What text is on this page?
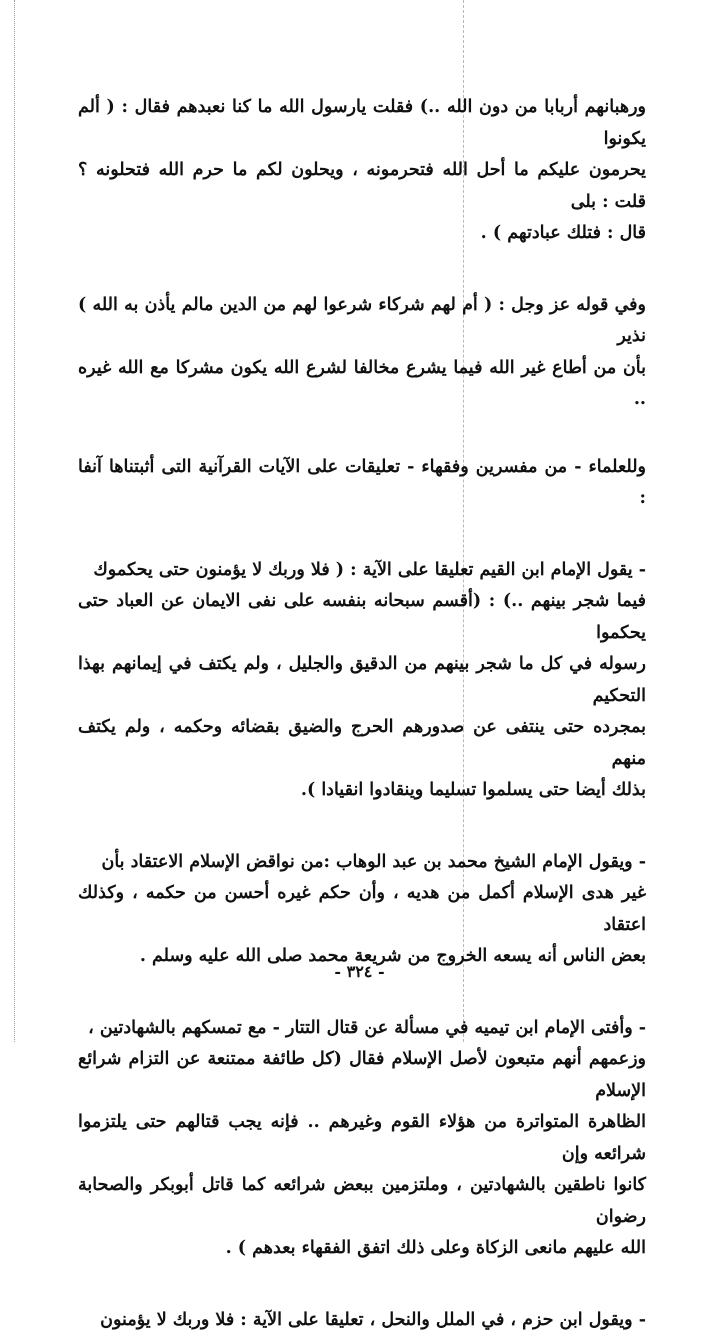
ورهبانهم أربابا من دون الله ..) فقلت يارسول الله ما كنا نعبدهم فقال : ( ألم يكونوا
يحرمون عليكم ما أحل الله فتحرمونه ، ويحلون لكم ما حرم الله فتحلونه ؟ قلت : بلى
قال : فتلك عبادتهم ) .

وفي قوله عز وجل : ( أم لهم شركاء شرعوا لهم من الدين مالم يأذن به الله ) نذير
بأن من أطاع غير الله فيما يشرع مخالفا لشرع الله يكون مشركا مع الله غيره ..

وللعلماء - من مفسرين وفقهاء - تعليقات على الآيات القرآنية التى أثبتناها آنفا :

- يقول الإمام ابن القيم تعليقا على الآية : ( فلا وربك لا يؤمنون حتى يحكموك
فيما شجر بينهم ..) : (أقسم سبحانه بنفسه على نفى الايمان عن العباد حتى يحكموا
رسوله في كل ما شجر بينهم من الدقيق والجليل ، ولم يكتف في إيمانهم بهذا التحكيم
بمجرده حتى ينتفى عن صدورهم الحرج والضيق بقضائه وحكمه ، ولم يكتف منهم
بذلك أيضا حتى يسلموا تسليما وينقادوا انقيادا ).

- ويقول الإمام الشيخ محمد بن عبد الوهاب :من نواقض الإسلام الاعتقاد بأن
غير هدى الإسلام أكمل من هديه ، وأن حكم غيره أحسن من حكمه ، وكذلك اعتقاد
بعض الناس أنه يسعه الخروج من شريعة محمد صلى الله عليه وسلم .

- وأفتى الإمام ابن تيميه في مسألة عن قتال التتار - مع تمسكهم بالشهادتين ،
وزعمهم أنهم متبعون لأصل الإسلام فقال (كل طائفة ممتنعة عن التزام شرائع الإسلام
الظاهرة المتواترة من هؤلاء القوم وغيرهم .. فإنه يجب قتالهم حتى يلتزموا شرائعه وإن
كانوا ناطقين بالشهادتين ، وملتزمين ببعض شرائعه كما قاتل أبوبكر والصحابة رضوان
الله عليهم مانعى الزكاة وعلى ذلك اتفق الفقهاء بعدهم ) .

- ويقول ابن حزم ، في الملل والنحل ، تعليقا على الآية : فلا وربك لا يؤمنون

- ٣٢٤ -
